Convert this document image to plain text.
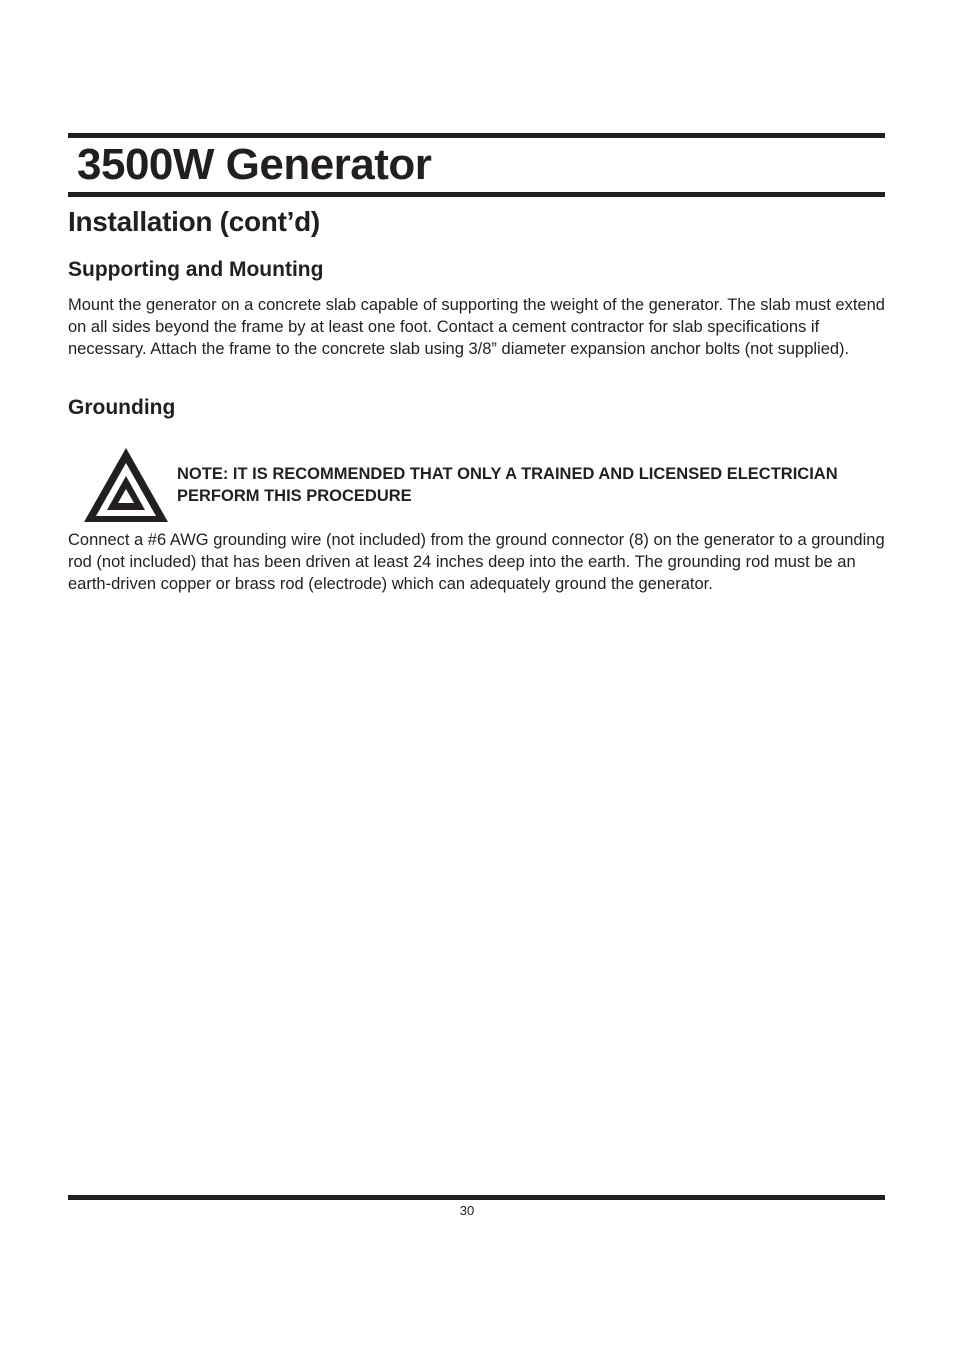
3500W Generator
Installation (cont’d)
Supporting and Mounting

Mount the generator on a concrete slab capable of supporting the weight of the generator. The slab must extend on all sides beyond the frame by at least one foot. Contact a cement contractor for slab specifications if necessary. Attach the frame to the concrete slab using 3/8” diameter expansion anchor bolts (not supplied).

Grounding

NOTE: IT IS RECOMMENDED THAT ONLY A TRAINED AND LICENSED ELECTRICIAN PERFORM THIS PROCEDURE

Connect a #6 AWG grounding wire (not included) from the ground connector (8) on the generator to a grounding rod (not included) that has been driven at least 24 inches deep into the earth. The grounding rod must be an earth-driven copper or brass rod (electrode) which can adequately ground the generator.

30
